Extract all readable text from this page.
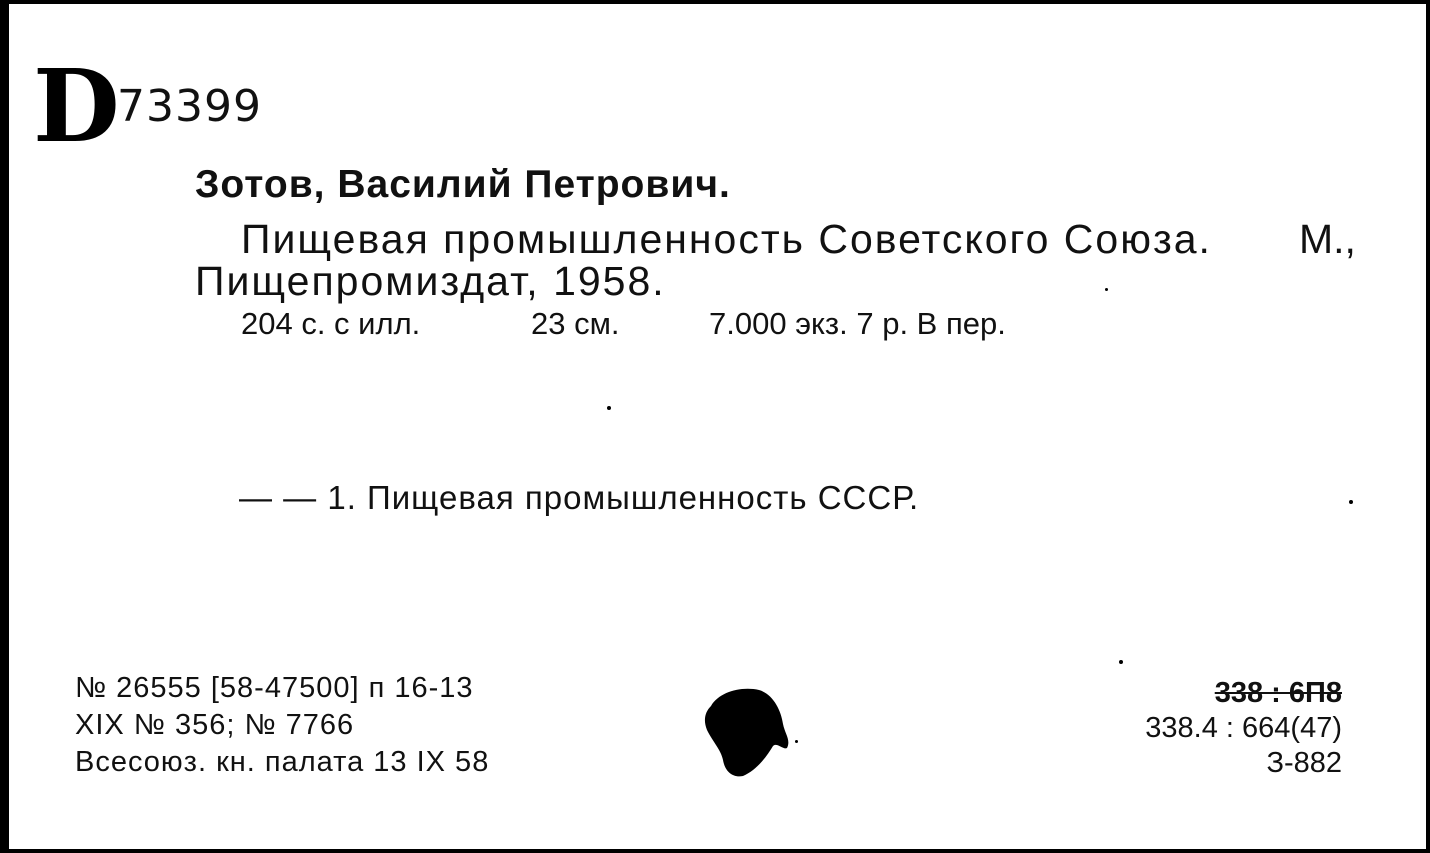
D
73399
Зотов, Василий Петрович.
Пищевая промышленность Советского Союза. М.,
Пищепромиздат, 1958.
204 с. с илл.	23 см.	7.000 экз. 7 р. В пер.
— — 1. Пищевая промышленность СССР.
№ 26555 [58-47500] п 16-13
XIX № 356; № 7766
Всесоюз. кн. палата 13 IX 58
338 : 6П8
338.4 : 664(47)
З-882
